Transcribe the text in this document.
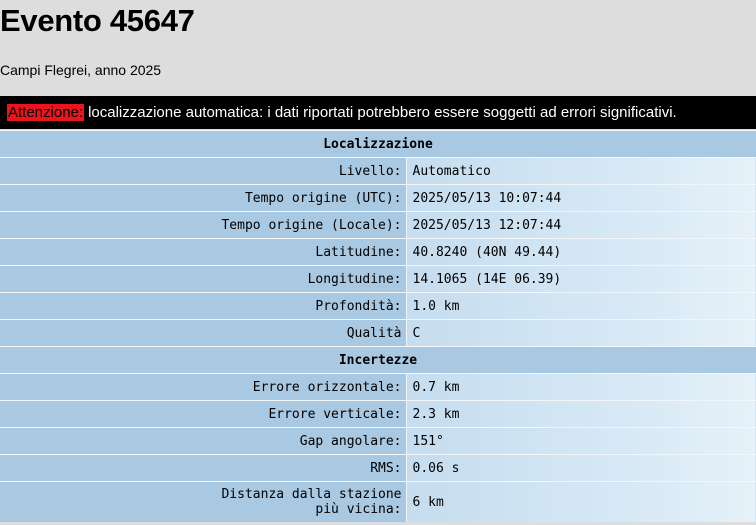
Evento 45647
Campi Flegrei, anno 2025
Attenzione: localizzazione automatica: i dati riportati potrebbero essere soggetti ad errori significativi.
Localizzazione	
Livello:	Automatico
Tempo origine (UTC):	2025/05/13 10:07:44
Tempo origine (Locale):	2025/05/13 12:07:44
Latitudine:	40.8240 (40N 49.44)
Longitudine:	14.1065 (14E 06.39)
Profondità:	1.0 km
Qualità	C
Incertezze	
Errore orizzontale:	0.7 km
Errore verticale:	2.3 km
Gap angolare:	151°
RMS:	0.06 s
Distanza dalla stazione
più vicina:	6 km
